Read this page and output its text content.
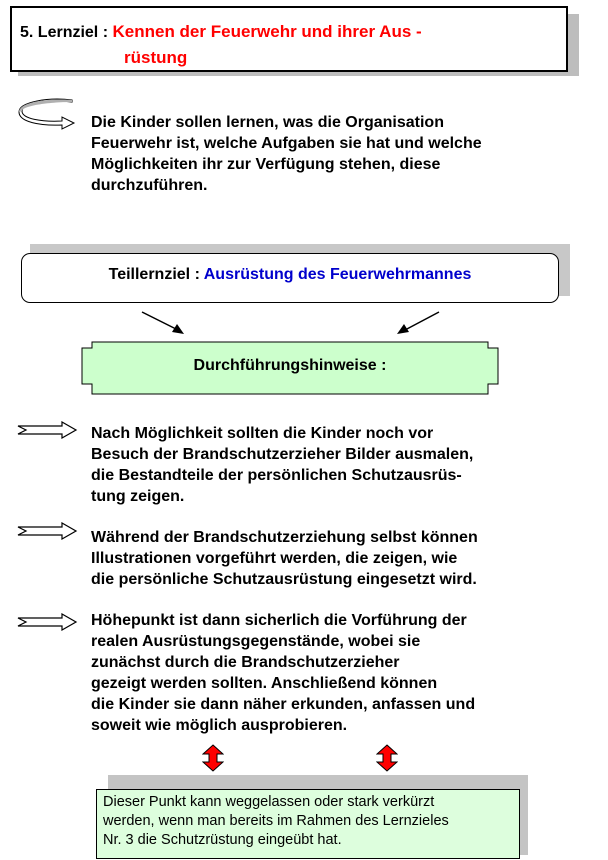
5. Lernziel : Kennen der Feuerwehr und ihrer Aus -
rüstung
Die Kinder sollen lernen, was die Organisation
Feuerwehr ist, welche Aufgaben sie hat und welche
Möglichkeiten ihr zur Verfügung stehen, diese
durchzuführen.
Teillernziel : Ausrüstung des Feuerwehrmannes
Durchführungshinweise :
Nach Möglichkeit sollten die Kinder noch vor
Besuch der Brandschutzerzieher Bilder ausmalen,
die Bestandteile der persönlichen Schutzausrüs-
tung zeigen.
Während der Brandschutzerziehung selbst können
Illustrationen vorgeführt werden, die zeigen, wie
die persönliche Schutzausrüstung eingesetzt wird.
Höhepunkt ist dann sicherlich die Vorführung der
realen Ausrüstungsgegenstände, wobei sie
zunächst durch die Brandschutzerzieher
gezeigt werden sollten. Anschließend können
die Kinder sie dann näher erkunden, anfassen und
soweit wie möglich ausprobieren.
Dieser Punkt kann weggelassen oder stark verkürzt
werden, wenn man bereits im Rahmen des Lernzieles
Nr. 3 die Schutzrüstung eingeübt hat.
